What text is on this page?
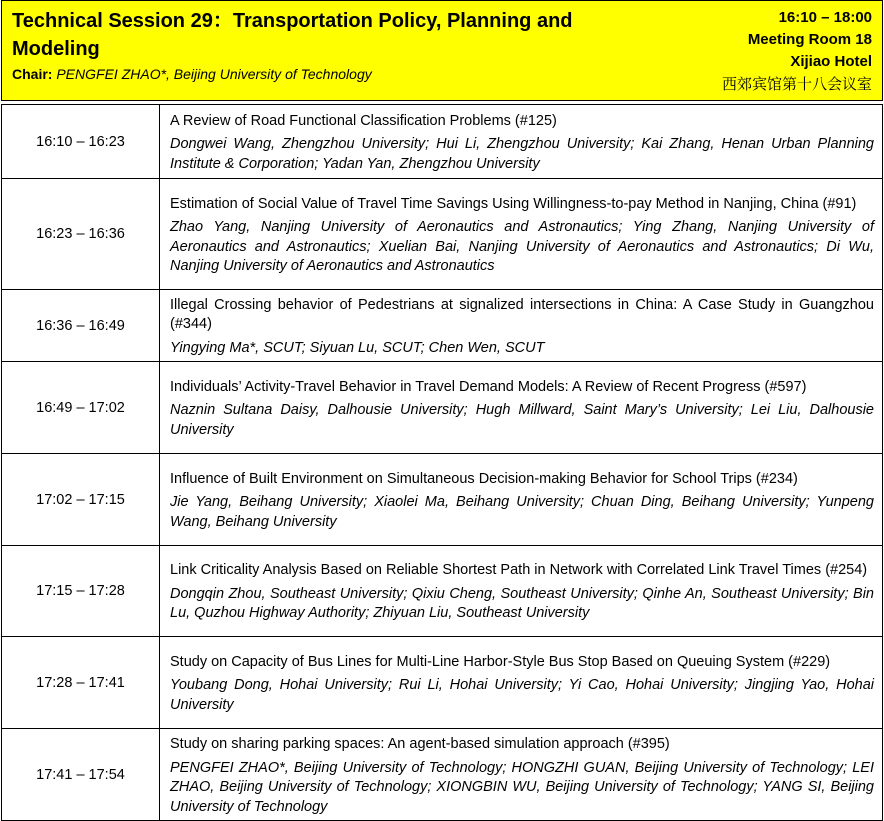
Technical Session 29：Transportation Policy, Planning and Modeling
Chair: PENGFEI ZHAO*, Beijing University of Technology
16:10 – 18:00
Meeting Room 18
Xijiao Hotel
西郊宾馆第十八会议室
16:10 – 16:23	A Review of Road Functional Classification Problems (#125)
Dongwei Wang, Zhengzhou University; Hui Li, Zhengzhou University; Kai Zhang, Henan Urban Planning Institute & Corporation; Yadan Yan, Zhengzhou University

16:23 – 16:36	Estimation of Social Value of Travel Time Savings Using Willingness-to-pay Method in Nanjing, China (#91)
Zhao Yang, Nanjing University of Aeronautics and Astronautics; Ying Zhang, Nanjing University of Aeronautics and Astronautics; Xuelian Bai, Nanjing University of Aeronautics and Astronautics; Di Wu, Nanjing University of Aeronautics and Astronautics

16:36 – 16:49	Illegal Crossing behavior of Pedestrians at signalized intersections in China: A Case Study in Guangzhou (#344)
Yingying Ma*, SCUT; Siyuan Lu, SCUT; Chen Wen, SCUT

16:49 – 17:02	Individuals’ Activity-Travel Behavior in Travel Demand Models: A Review of Recent Progress (#597)
Naznin Sultana Daisy, Dalhousie University; Hugh Millward, Saint Mary’s University; Lei Liu, Dalhousie University

17:02 – 17:15	Influence of Built Environment on Simultaneous Decision-making Behavior for School Trips (#234)
Jie Yang, Beihang University; Xiaolei Ma, Beihang University; Chuan Ding, Beihang University; Yunpeng Wang, Beihang University

17:15 – 17:28	Link Criticality Analysis Based on Reliable Shortest Path in Network with Correlated Link Travel Times (#254)
Dongqin Zhou, Southeast University; Qixiu Cheng, Southeast University; Qinhe An, Southeast University; Bin Lu, Quzhou Highway Authority; Zhiyuan Liu, Southeast University

17:28 – 17:41	Study on Capacity of Bus Lines for Multi-Line Harbor-Style Bus Stop Based on Queuing System (#229)
Youbang Dong, Hohai University; Rui Li, Hohai University; Yi Cao, Hohai University; Jingjing Yao, Hohai University

17:41 – 17:54	Study on sharing parking spaces: An agent-based simulation approach (#395)
PENGFEI ZHAO*, Beijing University of Technology; HONGZHI GUAN, Beijing University of Technology; LEI ZHAO, Beijing University of Technology; XIONGBIN WU, Beijing University of Technology; YANG SI, Beijing University of Technology
